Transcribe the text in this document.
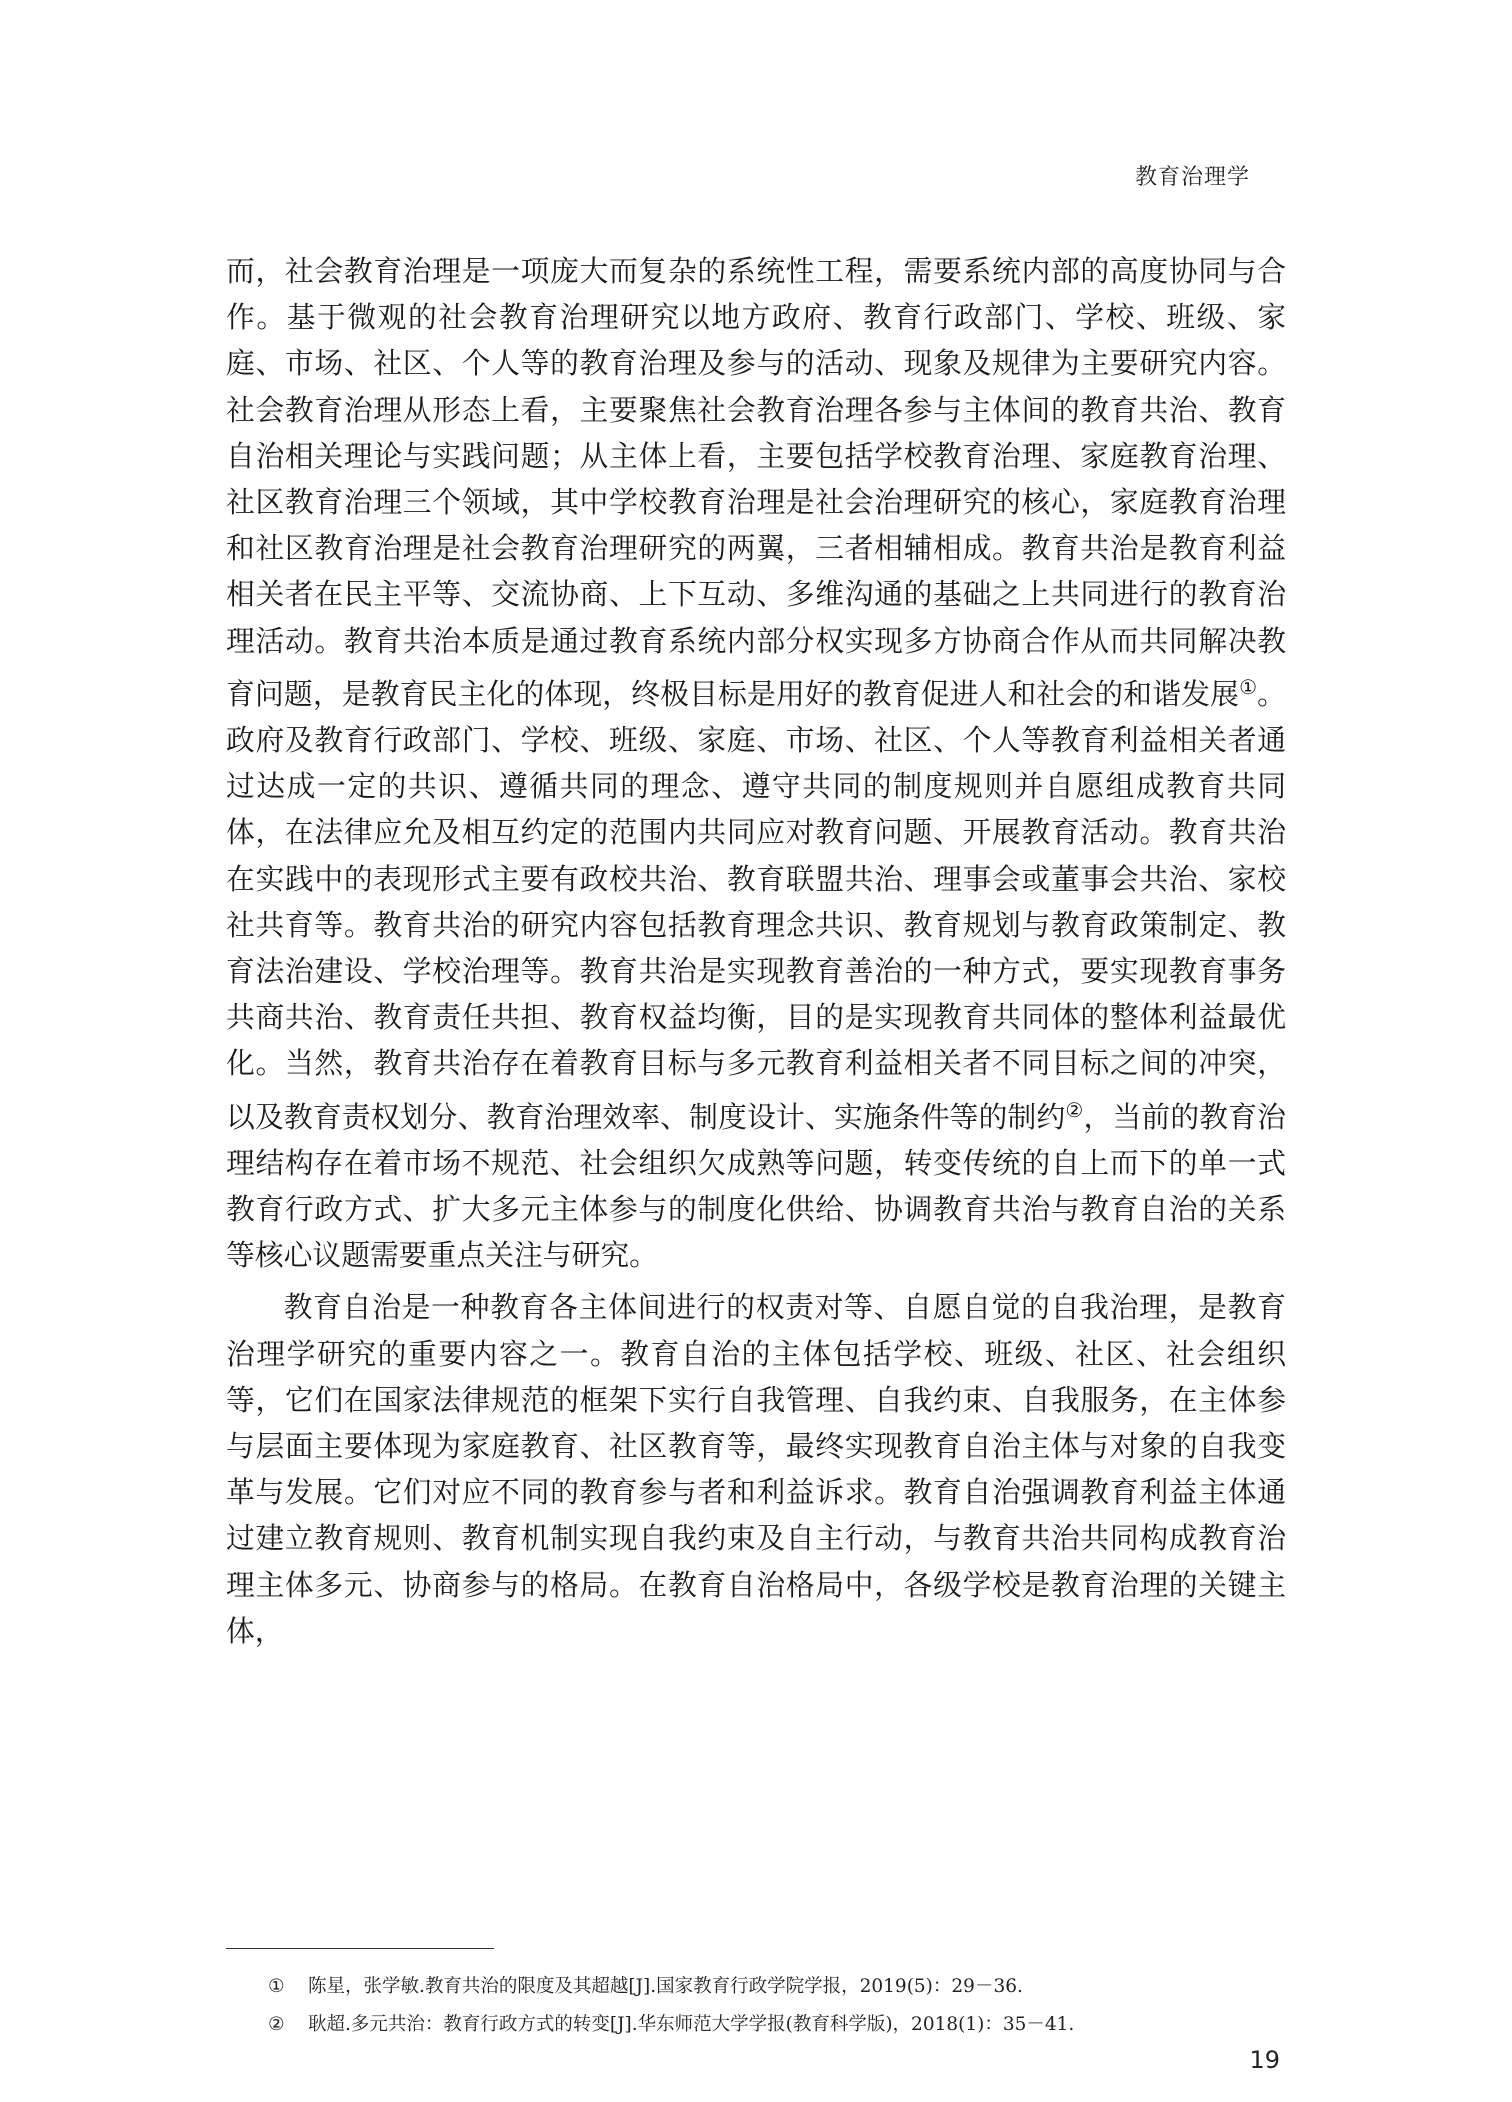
教育治理学

而，社会教育治理是一项庞大而复杂的系统性工程，需要系统内部的高度协同与合作。基于微观的社会教育治理研究以地方政府、教育行政部门、学校、班级、家庭、市场、社区、个人等的教育治理及参与的活动、现象及规律为主要研究内容。社会教育治理从形态上看，主要聚焦社会教育治理各参与主体间的教育共治、教育自治相关理论与实践问题；从主体上看，主要包括学校教育治理、家庭教育治理、社区教育治理三个领域，其中学校教育治理是社会治理研究的核心，家庭教育治理和社区教育治理是社会教育治理研究的两翼，三者相辅相成。教育共治是教育利益相关者在民主平等、交流协商、上下互动、多维沟通的基础之上共同进行的教育治理活动。教育共治本质是通过教育系统内部分权实现多方协商合作从而共同解决教育问题，是教育民主化的体现，终极目标是用好的教育促进人和社会的和谐发展①。政府及教育行政部门、学校、班级、家庭、市场、社区、个人等教育利益相关者通过达成一定的共识、遵循共同的理念、遵守共同的制度规则并自愿组成教育共同体，在法律应允及相互约定的范围内共同应对教育问题、开展教育活动。教育共治在实践中的表现形式主要有政校共治、教育联盟共治、理事会或董事会共治、家校社共育等。教育共治的研究内容包括教育理念共识、教育规划与教育政策制定、教育法治建设、学校治理等。教育共治是实现教育善治的一种方式，要实现教育事务共商共治、教育责任共担、教育权益均衡，目的是实现教育共同体的整体利益最优化。当然，教育共治存在着教育目标与多元教育利益相关者不同目标之间的冲突，以及教育责权划分、教育治理效率、制度设计、实施条件等的制约②，当前的教育治理结构存在着市场不规范、社会组织欠成熟等问题，转变传统的自上而下的单一式教育行政方式、扩大多元主体参与的制度化供给、协调教育共治与教育自治的关系等核心议题需要重点关注与研究。

教育自治是一种教育各主体间进行的权责对等、自愿自觉的自我治理，是教育治理学研究的重要内容之一。教育自治的主体包括学校、班级、社区、社会组织等，它们在国家法律规范的框架下实行自我管理、自我约束、自我服务，在主体参与层面主要体现为家庭教育、社区教育等，最终实现教育自治主体与对象的自我变革与发展。它们对应不同的教育参与者和利益诉求。教育自治强调教育利益主体通过建立教育规则、教育机制实现自我约束及自主行动，与教育共治共同构成教育治理主体多元、协商参与的格局。在教育自治格局中，各级学校是教育治理的关键主体，

① 陈星，张学敏.教育共治的限度及其超越[J].国家教育行政学院学报，2019(5)：29－36.
② 耿超.多元共治：教育行政方式的转变[J].华东师范大学学报(教育科学版)，2018(1)：35－41.
19
